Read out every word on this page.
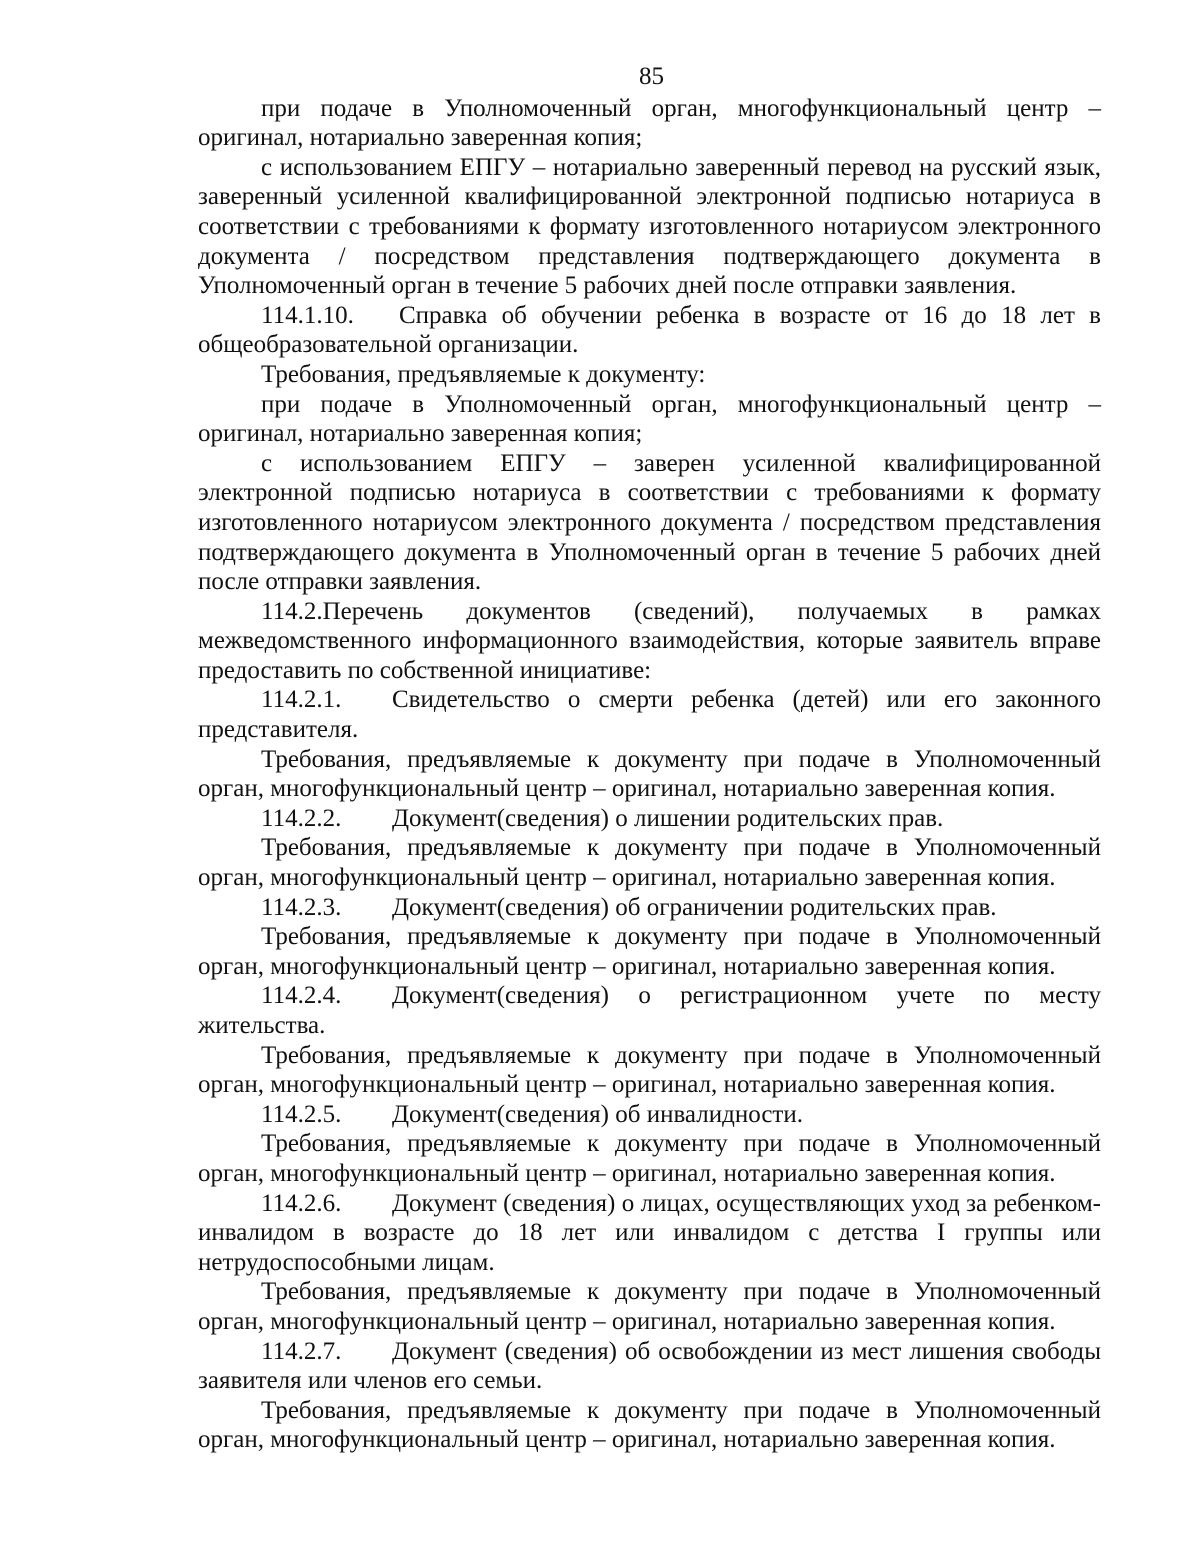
85

при подаче в Уполномоченный орган, многофункциональный центр – оригинал, нотариально заверенная копия;

с использованием ЕПГУ – нотариально заверенный перевод на русский язык, заверенный усиленной квалифицированной электронной подписью нотариуса в соответствии с требованиями к формату изготовленного нотариусом электронного документа / посредством представления подтверждающего документа в Уполномоченный орган в течение 5 рабочих дней после отправки заявления.

114.1.10. Справка об обучении ребенка в возрасте от 16 до 18 лет в общеобразовательной организации.

Требования, предъявляемые к документу:

при подаче в Уполномоченный орган, многофункциональный центр – оригинал, нотариально заверенная копия;

с использованием ЕПГУ – заверен усиленной квалифицированной электронной подписью нотариуса в соответствии с требованиями к формату изготовленного нотариусом электронного документа / посредством представления подтверждающего документа в Уполномоченный орган в течение 5 рабочих дней после отправки заявления.

114.2.Перечень документов (сведений), получаемых в рамках межведомственного информационного взаимодействия, которые заявитель вправе предоставить по собственной инициативе:

114.2.1. Свидетельство о смерти ребенка (детей) или его законного представителя.

Требования, предъявляемые к документу при подаче в Уполномоченный орган, многофункциональный центр – оригинал, нотариально заверенная копия.

114.2.2. Документ(сведения) о лишении родительских прав.

Требования, предъявляемые к документу при подаче в Уполномоченный орган, многофункциональный центр – оригинал, нотариально заверенная копия.

114.2.3. Документ(сведения) об ограничении родительских прав.

Требования, предъявляемые к документу при подаче в Уполномоченный орган, многофункциональный центр – оригинал, нотариально заверенная копия.

114.2.4. Документ(сведения) о регистрационном учете по месту жительства.

Требования, предъявляемые к документу при подаче в Уполномоченный орган, многофункциональный центр – оригинал, нотариально заверенная копия.

114.2.5. Документ(сведения) об инвалидности.

Требования, предъявляемые к документу при подаче в Уполномоченный орган, многофункциональный центр – оригинал, нотариально заверенная копия.

114.2.6. Документ (сведения) о лицах, осуществляющих уход за ребенком-инвалидом в возрасте до 18 лет или инвалидом с детства I группы или нетрудоспособными лицам.

Требования, предъявляемые к документу при подаче в Уполномоченный орган, многофункциональный центр – оригинал, нотариально заверенная копия.

114.2.7. Документ (сведения) об освобождении из мест лишения свободы заявителя или членов его семьи.

Требования, предъявляемые к документу при подаче в Уполномоченный орган, многофункциональный центр – оригинал, нотариально заверенная копия.
